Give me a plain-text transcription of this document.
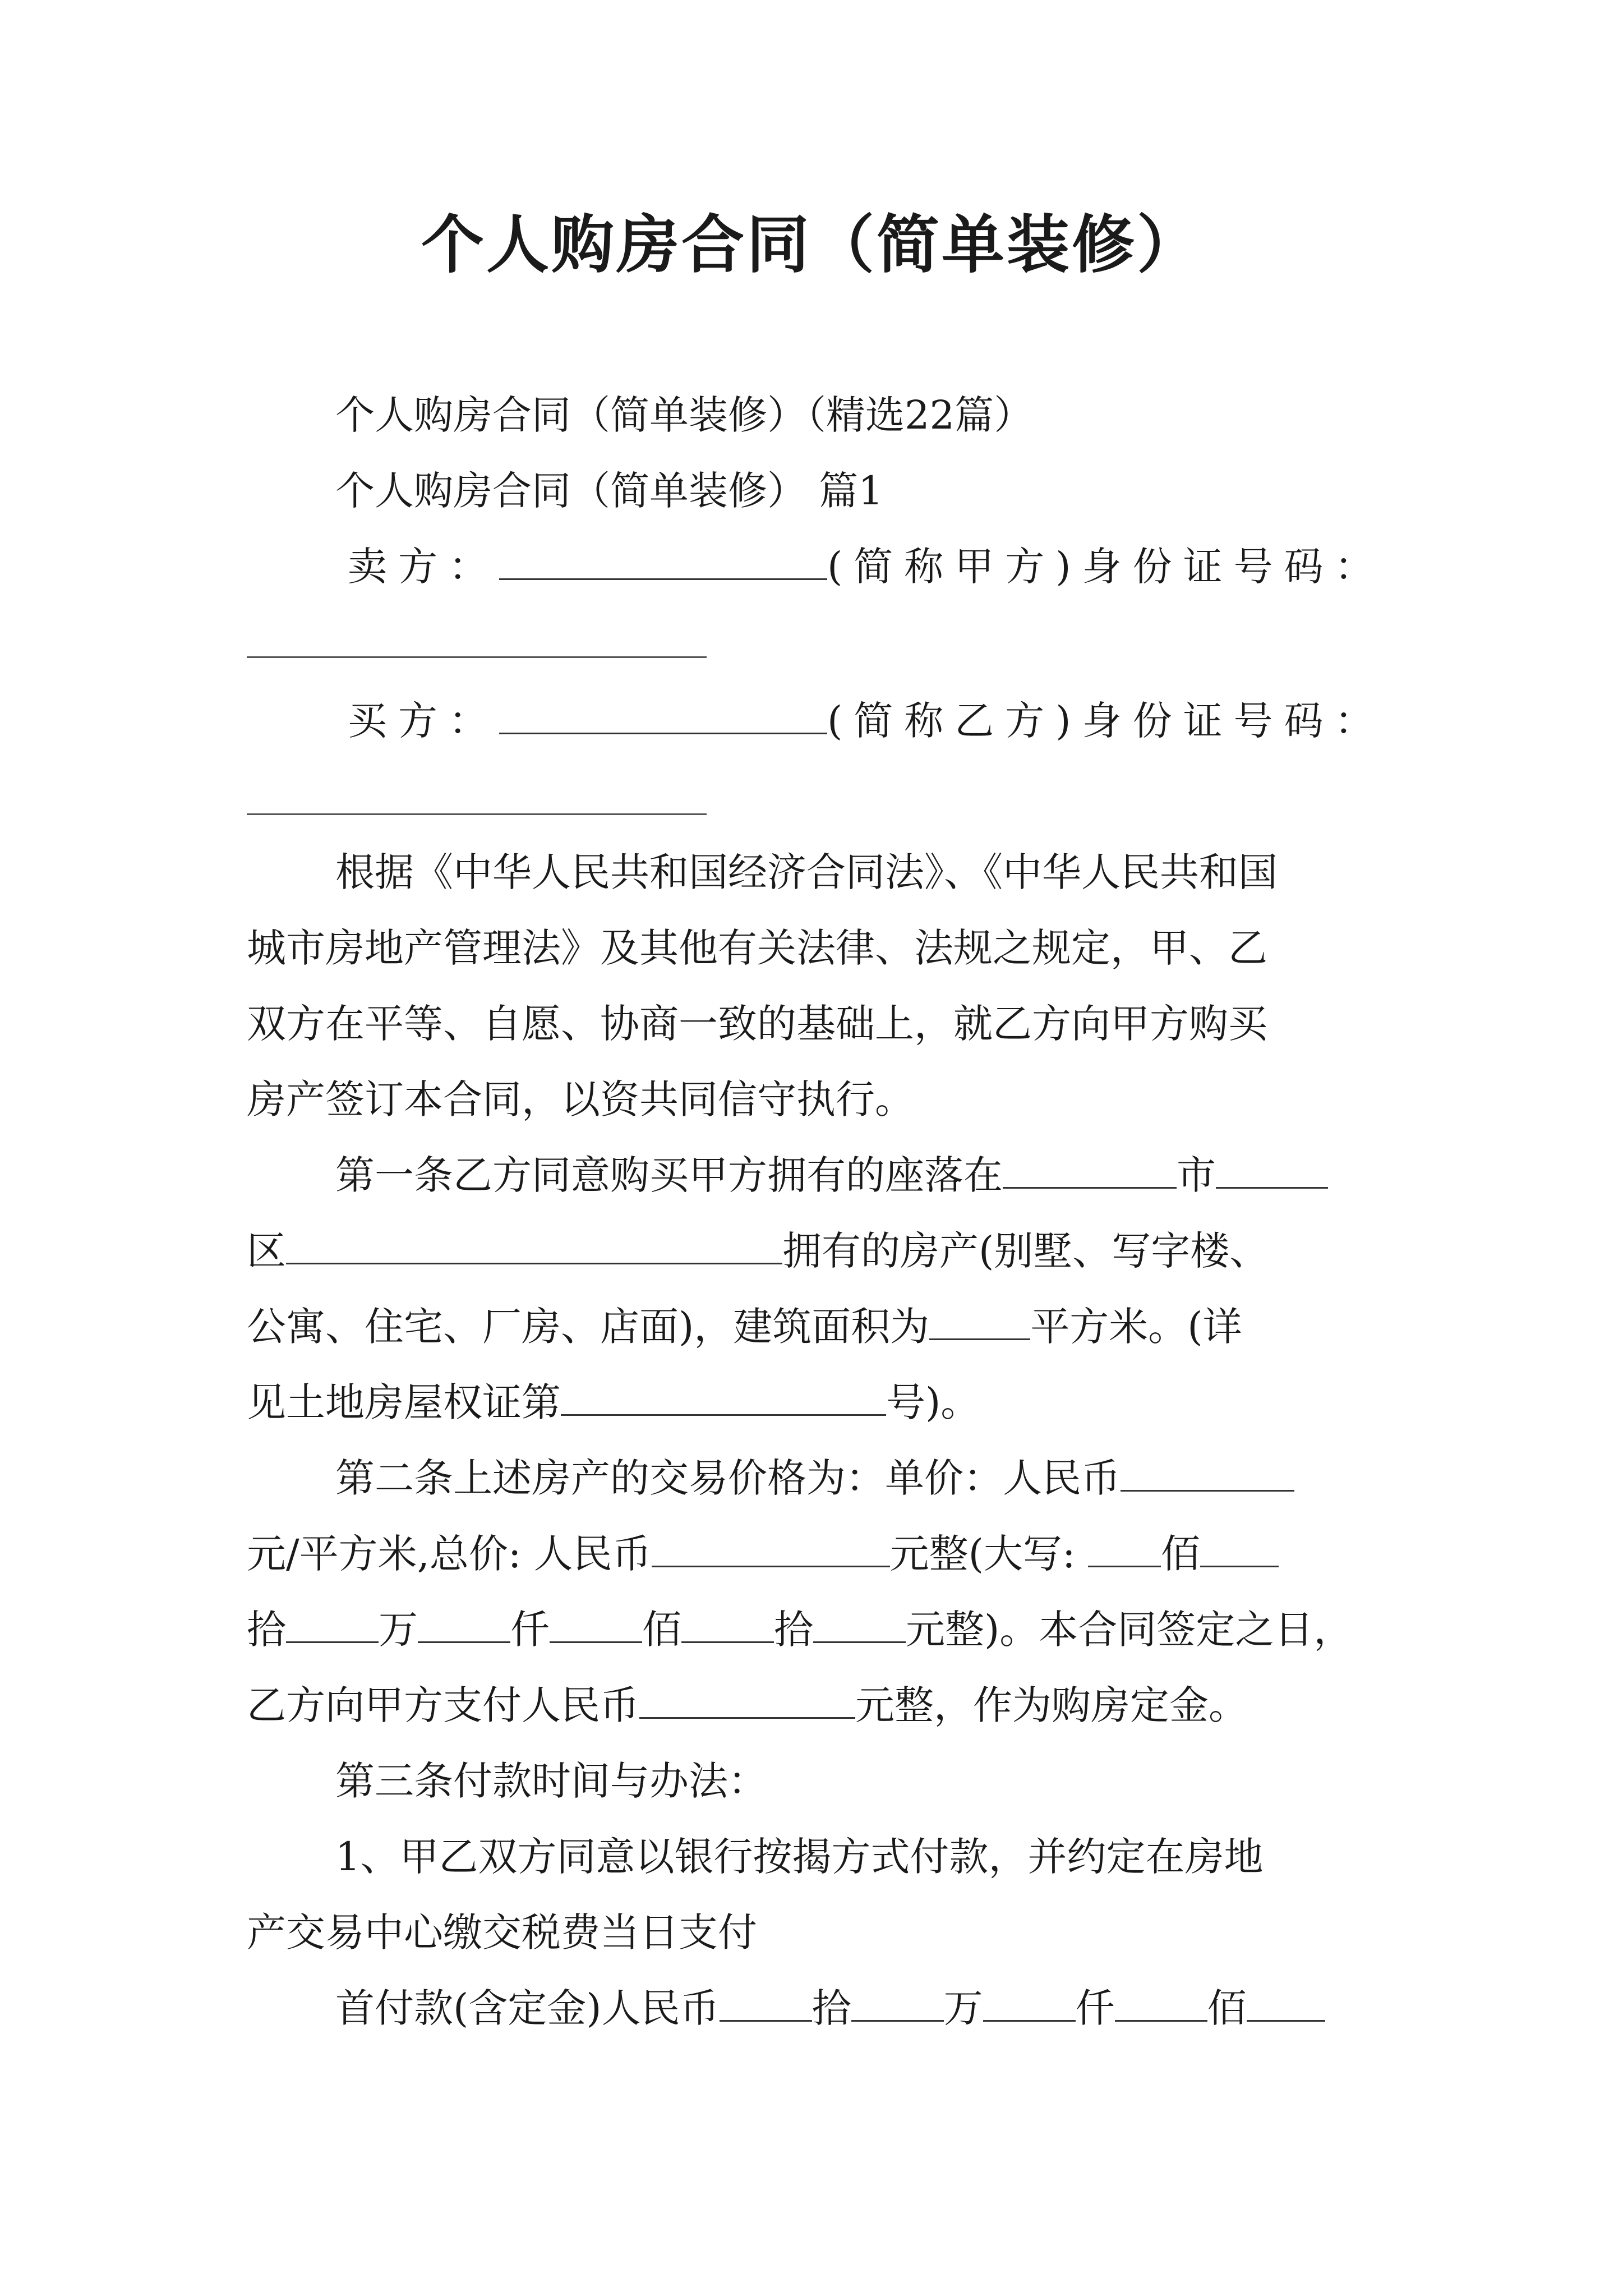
个人购房合同（简单装修）
个人购房合同（简单装修）（精选22篇）
个人购房合同（简单装修） 篇1
卖方：	(简称甲方)身份证号码：
买方：	(简称乙方)身份证号码：
根据《中华人民共和国经济合同法》、《中华人民共和国
城市房地产管理法》及其他有关法律、法规之规定，甲、乙
双方在平等、自愿、协商一致的基础上，就乙方向甲方购买
房产签订本合同，以资共同信守执行。
第一条乙方同意购买甲方拥有的座落在	市
区	拥有的房产(别墅、写字楼、
公寓、住宅、厂房、店面)，建筑面积为	平方米。(详
见土地房屋权证第	号)。
第二条上述房产的交易价格为：单价：人民币
元/平方米,总价: 人民币	元整(大写: 佰
拾 万 仟 佰 拾 元整)。本合同签定之日，
乙方向甲方支付人民币	元整，作为购房定金。
第三条付款时间与办法：
1、甲乙双方同意以银行按揭方式付款，并约定在房地
产交易中心缴交税费当日支付
首付款(含定金)人民币 拾 万 仟 佰
